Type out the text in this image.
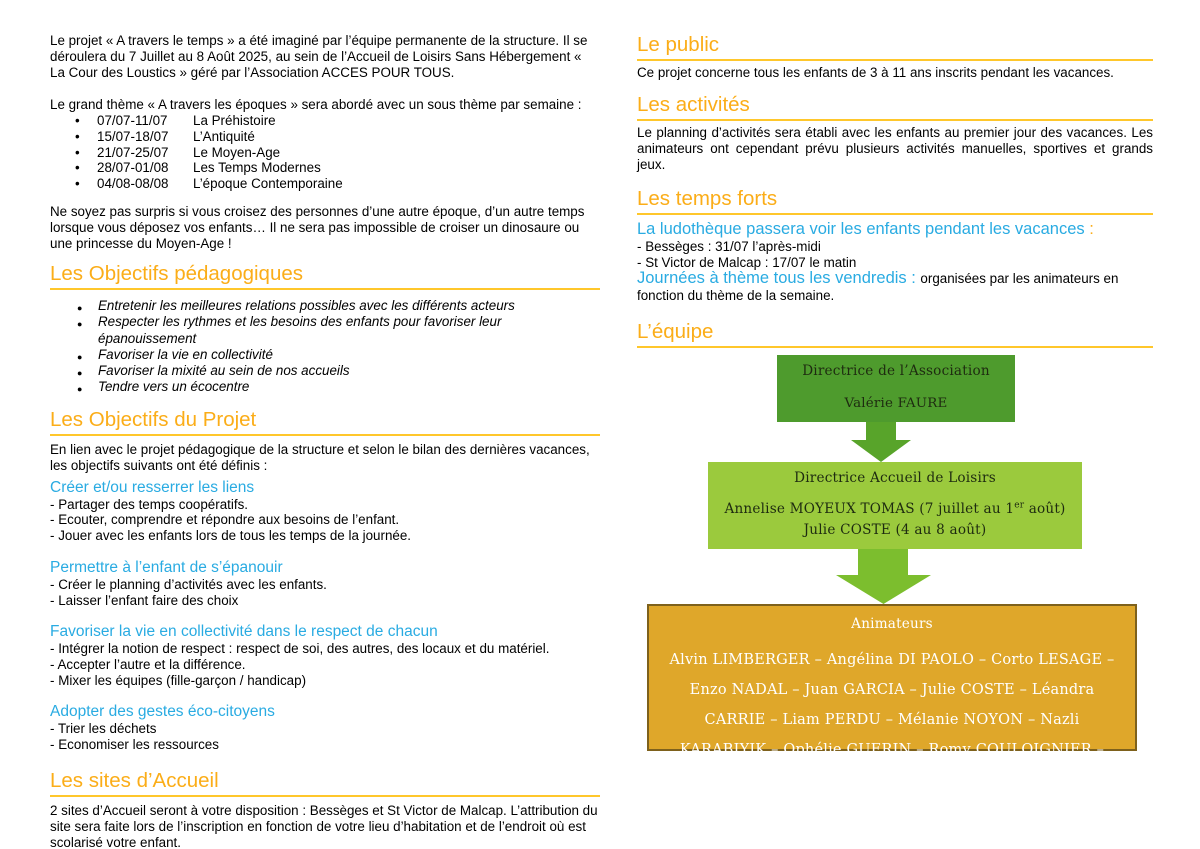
Le projet « A travers le temps » a été imaginé par l’équipe permanente de la structure. Il se déroulera du 7 Juillet au 8 Août 2025, au sein de l’Accueil de Loisirs Sans Hébergement « La Cour des Loustics » géré par l’Association ACCES POUR TOUS.

Le grand thème « A travers les époques » sera abordé avec un sous thème par semaine :

•
07/07-11/07	La Préhistoire
•
15/07-18/07	L’Antiquité
•
21/07-25/07	Le Moyen-Age
•
28/07-01/08	Les Temps Modernes
•
04/08-08/08	L’époque Contemporaine

Ne soyez pas surpris si vous croisez des personnes d’une autre époque, d’un autre temps lorsque vous déposez vos enfants… Il ne sera pas impossible de croiser un dinosaure ou une princesse du Moyen-Age !

Les Objectifs pédagogiques
● Entretenir les meilleures relations possibles avec les différents acteurs
● Respecter les rythmes et les besoins des enfants pour favoriser leur épanouissement
● Favoriser la vie en collectivité
● Favoriser la mixité au sein de nos accueils
● Tendre vers un écocentre
Les Objectifs du Projet

En lien avec le projet pédagogique de la structure et selon le bilan des dernières vacances, les objectifs suivants ont été définis :

Créer et/ou resserrer les liens
- Partager des temps coopératifs.
- Ecouter, comprendre et répondre aux besoins de l’enfant.
- Jouer avec les enfants lors de tous les temps de la journée.
Permettre à l’enfant de s’épanouir
- Créer le planning d’activités avec les enfants.
- Laisser l’enfant faire des choix
Favoriser la vie en collectivité dans le respect de chacun
- Intégrer la notion de respect : respect de soi, des autres, des locaux et du matériel.
- Accepter l’autre et la différence.
- Mixer les équipes (fille-garçon / handicap)
Adopter des gestes éco-citoyens
- Trier les déchets
- Economiser les ressources
Les sites d’Accueil

2 sites d’Accueil seront à votre disposition : Bessèges et St Victor de Malcap. L’attribution du site sera faite lors de l’inscription en fonction de votre lieu d’habitation et de l’endroit où est scolarisé votre enfant.

Le public

Ce projet concerne tous les enfants de 3 à 11 ans inscrits pendant les vacances.

Les activités

Le planning d’activités sera établi avec les enfants au premier jour des vacances. Les animateurs ont cependant prévu plusieurs activités manuelles, sportives et grands jeux.

Les temps forts
La ludothèque passera voir les enfants pendant les vacances :
- Bessèges : 31/07 l’après-midi
- St Victor de Malcap : 17/07 le matin
Journées à thème tous les vendredis : organisées par les animateurs en fonction du thème de la semaine.
L’équipe
Directrice de l’Association
Valérie FAURE
Directrice Accueil de Loisirs
Annelise MOYEUX TOMAS (7 juillet au 1er août)
Julie COSTE (4 au 8 août)
Animateurs
Alvin LIMBERGER – Angélina DI PAOLO – Corto LESAGE – Enzo NADAL – Juan GARCIA – Julie COSTE – Léandra CARRIE – Liam PERDU – Mélanie NOYON – Nazli KARABIYIK – Ophélie GUERIN – Romy COULOIGNIER – Shirley RAMECOURT
